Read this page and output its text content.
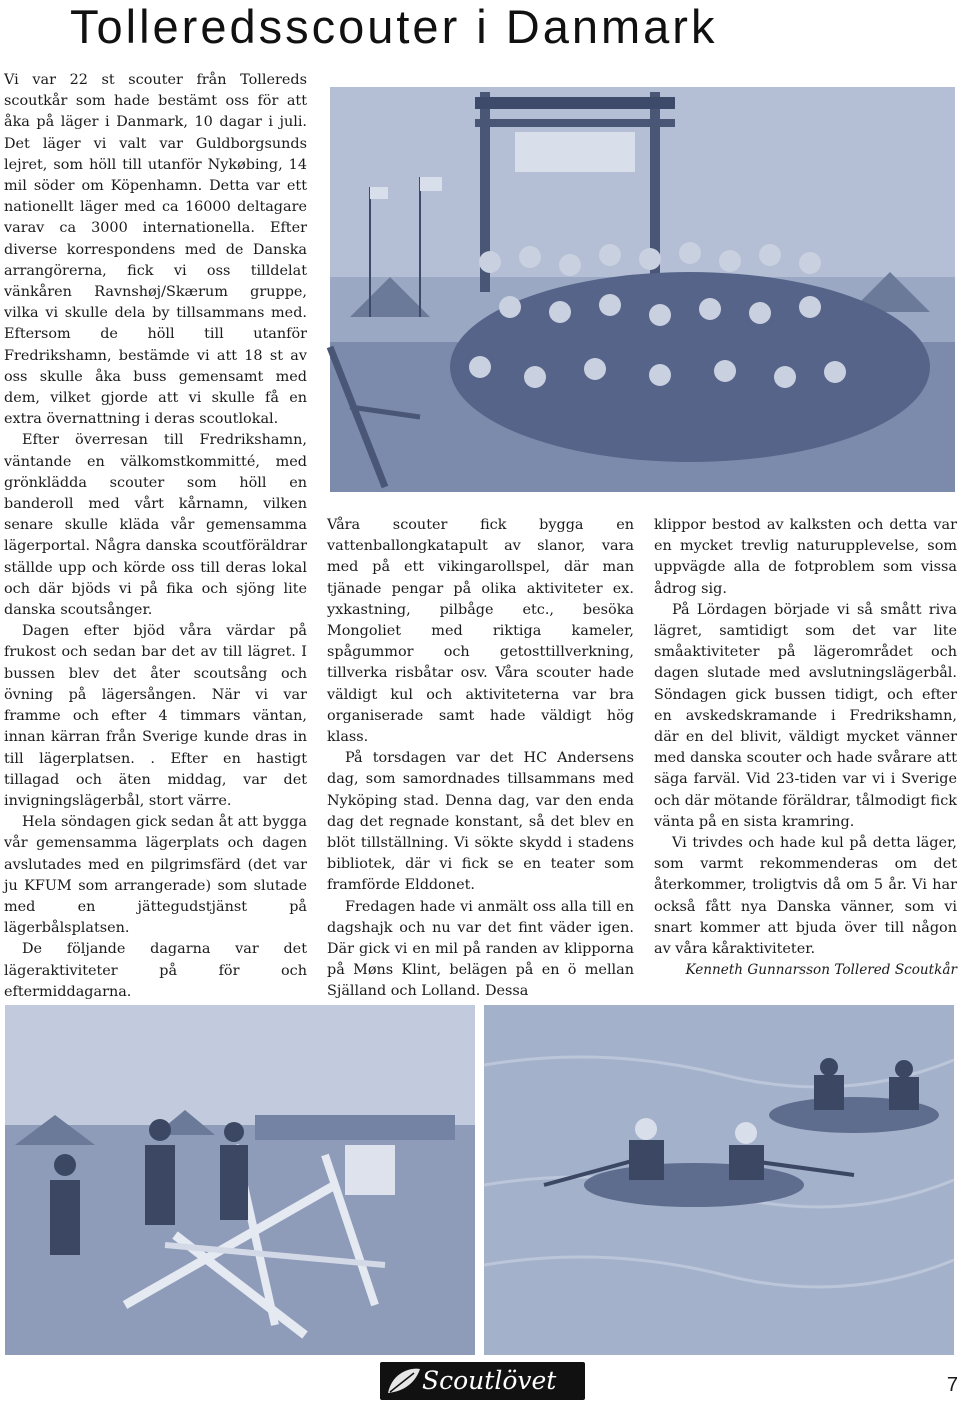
Tolleredsscouter i Danmark

Vi var 22 st scouter från Tollereds scoutkår som hade bestämt oss för att åka på läger i Danmark, 10 dagar i juli. Det läger vi valt var Guldborgsunds lejret, som höll till utanför Nykøbing, 14 mil söder om Köpenhamn. Detta var ett nationellt läger med ca 16000 deltagare varav ca 3000 internationella. Efter diverse korrespondens med de Danska arrangörerna, fick vi oss tilldelat vänkåren Ravnshøj/Skærum gruppe, vilka vi skulle dela by tillsammans med. Eftersom de höll till utanför Fredrikshamn, bestämde vi att 18 st av oss skulle åka buss gemensamt med dem, vilket gjorde att vi skulle få en extra övernattning i deras scoutlokal.

Efter överresan till Fredrikshamn, väntande en välkomstkommitté, med grönklädda scouter som höll en banderoll med vårt kårnamn, vilken senare skulle kläda vår gemensamma lägerportal. Några danska scoutföräldrar ställde upp och körde oss till deras lokal och där bjöds vi på fika och sjöng lite danska scoutsånger.

Dagen efter bjöd våra värdar på frukost och sedan bar det av till lägret. I bussen blev det åter scoutsång och övning på lägersången. När vi var framme och efter 4 timmars väntan, innan kärran från Sverige kunde dras in till lägerplatsen. . Efter en hastigt tillagad och äten middag, var det invigningslägerbål, stort värre.

Hela söndagen gick sedan åt att bygga vår gemensamma lägerplats och dagen avslutades med en pilgrimsfärd (det var ju KFUM som arrangerade) som slutade med en jättegudstjänst på lägerbålsplatsen.

De följande dagarna var det lägeraktiviteter på för och eftermiddagarna.

Våra scouter fick bygga en vattenballongkatapult av slanor, vara med på ett vikingarollspel, där man tjänade pengar på olika aktiviteter ex. yxkastning, pilbåge etc., besöka Mongoliet med riktiga kameler, spågummor och getosttillverkning, tillverka risbåtar osv. Våra scouter hade väldigt kul och aktiviteterna var bra organiserade samt hade väldigt hög klass.

På torsdagen var det HC Andersens dag, som samordnades tillsammans med Nyköping stad. Denna dag, var den enda dag det regnade konstant, så det blev en blöt tillställning. Vi sökte skydd i stadens bibliotek, där vi fick se en teater som framförde Elddonet.

Fredagen hade vi anmält oss alla till en dagshajk och nu var det fint väder igen. Där gick vi en mil på randen av klipporna på Møns Klint, belägen på en ö mellan Själland och Lolland. Dessa

klippor bestod av kalksten och detta var en mycket trevlig naturupplevelse, som uppvägde alla de fotproblem som vissa ådrog sig.

På Lördagen började vi så smått riva lägret, samtidigt som det var lite småaktiviteter på lägerområdet och dagen slutade med avslutningslägerbål. Söndagen gick bussen tidigt, och efter en avskedskramande i Fredrikshamn, där en del blivit, väldigt mycket vänner med danska scouter och hade svårare att säga farväl. Vid 23-tiden var vi i Sverige och där mötande föräldrar, tålmodigt fick vänta på en sista kramring.

Vi trivdes och hade kul på detta läger, som varmt rekommenderas om det återkommer, troligtvis då om 5 år. Vi har också fått nya Danska vänner, som vi snart kommer att bjuda över till någon av våra kåraktiviteter.

Kenneth Gunnarsson Tollered Scoutkår

Scoutlövet	7
